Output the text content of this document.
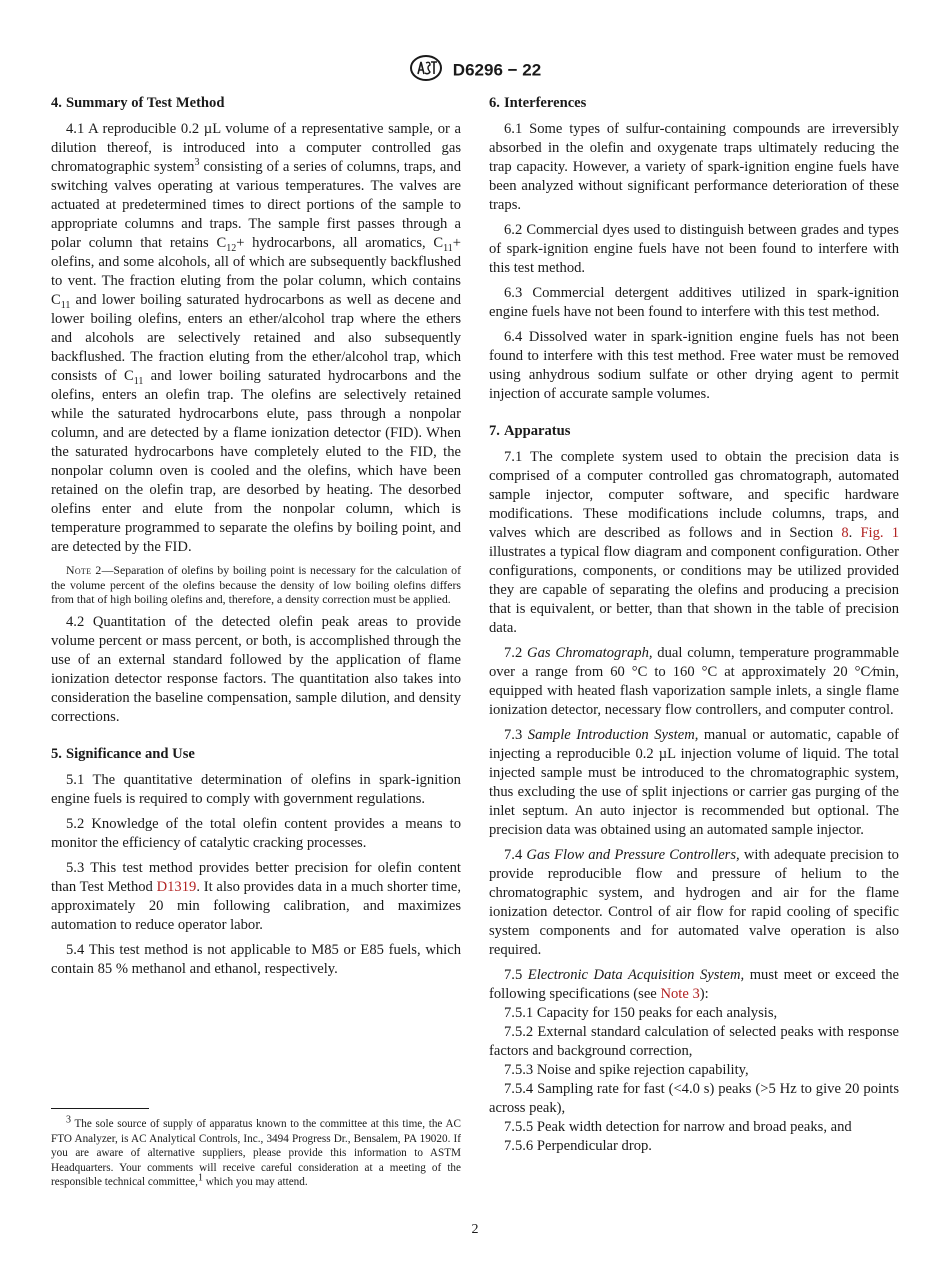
D6296 − 22
4. Summary of Test Method

4.1 A reproducible 0.2 µL volume of a representative sample, or a dilution thereof, is introduced into a computer controlled gas chromatographic system$^3$ consisting of a series of columns, traps, and switching valves operating at various temperatures. The valves are actuated at predetermined times to direct portions of the sample to appropriate columns and traps. The sample first passes through a polar column that retains $C_{12}+$ hydrocarbons, all aromatics, $C_{11}+$ olefins, and some alcohols, all of which are subsequently backflushed to vent. The fraction eluting from the polar column, which contains $C_{11}$ and lower boiling saturated hydrocarbons as well as decene and lower boiling olefins, enters an ether/alcohol trap where the ethers and alcohols are selectively retained and also subsequently backflushed. The fraction eluting from the ether/alcohol trap, which consists of $C_{11}$ and lower boiling saturated hydrocarbons and the olefins, enters an olefin trap. The olefins are selectively retained while the saturated hydrocarbons elute, pass through a nonpolar column, and are detected by a flame ionization detector (FID). When the saturated hydrocarbons have completely eluted to the FID, the nonpolar column oven is cooled and the olefins, which have been retained on the olefin trap, are desorbed by heating. The desorbed olefins enter and elute from the nonpolar column, which is temperature programmed to separate the olefins by boiling point, and are detected by the FID.

Note 2—Separation of olefins by boiling point is necessary for the calculation of the volume percent of the olefins because the density of low boiling olefins differs from that of high boiling olefins and, therefore, a density correction must be applied.

4.2 Quantitation of the detected olefin peak areas to provide volume percent or mass percent, or both, is accomplished through the use of an external standard followed by the application of flame ionization detector response factors. The quantitation also takes into consideration the baseline compensation, sample dilution, and density corrections.

5. Significance and Use

5.1 The quantitative determination of olefins in spark-ignition engine fuels is required to comply with government regulations.

5.2 Knowledge of the total olefin content provides a means to monitor the efficiency of catalytic cracking processes.

5.3 This test method provides better precision for olefin content than Test Method D1319. It also provides data in a much shorter time, approximately 20 min following calibration, and maximizes automation to reduce operator labor.

5.4 This test method is not applicable to M85 or E85 fuels, which contain 85 % methanol and ethanol, respectively.

$^3$ The sole source of supply of apparatus known to the committee at this time, the AC FTO Analyzer, is AC Analytical Controls, Inc., 3494 Progress Dr., Bensalem, PA 19020. If you are aware of alternative suppliers, please provide this information to ASTM Headquarters. Your comments will receive careful consideration at a meeting of the responsible technical committee,$^1$ which you may attend.
6. Interferences

6.1 Some types of sulfur-containing compounds are irreversibly absorbed in the olefin and oxygenate traps ultimately reducing the trap capacity. However, a variety of spark-ignition engine fuels have been analyzed without significant performance deterioration of these traps.

6.2 Commercial dyes used to distinguish between grades and types of spark-ignition engine fuels have not been found to interfere with this test method.

6.3 Commercial detergent additives utilized in spark-ignition engine fuels have not been found to interfere with this test method.

6.4 Dissolved water in spark-ignition engine fuels has not been found to interfere with this test method. Free water must be removed using anhydrous sodium sulfate or other drying agent to permit injection of accurate sample volumes.

7. Apparatus

7.1 The complete system used to obtain the precision data is comprised of a computer controlled gas chromatograph, automated sample injector, computer software, and specific hardware modifications. These modifications include columns, traps, and valves which are described as follows and in Section 8. Fig. 1 illustrates a typical flow diagram and component configuration. Other configurations, components, or conditions may be utilized provided they are capable of separating the olefins and producing a precision that is equivalent, or better, than that shown in the table of precision data.

7.2 Gas Chromatograph, dual column, temperature programmable over a range from 60 °C to 160 °C at approximately 20 °C⁄min, equipped with heated flash vaporization sample inlets, a single flame ionization detector, necessary flow controllers, and computer control.

7.3 Sample Introduction System, manual or automatic, capable of injecting a reproducible 0.2 µL injection volume of liquid. The total injected sample must be introduced to the chromatographic system, thus excluding the use of split injections or carrier gas purging of the inlet septum. An auto injector is recommended but optional. The precision data was obtained using an automated sample injector.

7.4 Gas Flow and Pressure Controllers, with adequate precision to provide reproducible flow and pressure of helium to the chromatographic system, and hydrogen and air for the flame ionization detector. Control of air flow for rapid cooling of specific system components and for automated valve operation is also required.

7.5 Electronic Data Acquisition System, must meet or exceed the following specifications (see Note 3):

7.5.1 Capacity for 150 peaks for each analysis,

7.5.2 External standard calculation of selected peaks with response factors and background correction,

7.5.3 Noise and spike rejection capability,

7.5.4 Sampling rate for fast (<4.0 s) peaks (>5 Hz to give 20 points across peak),

7.5.5 Peak width detection for narrow and broad peaks, and

7.5.6 Perpendicular drop.

2
